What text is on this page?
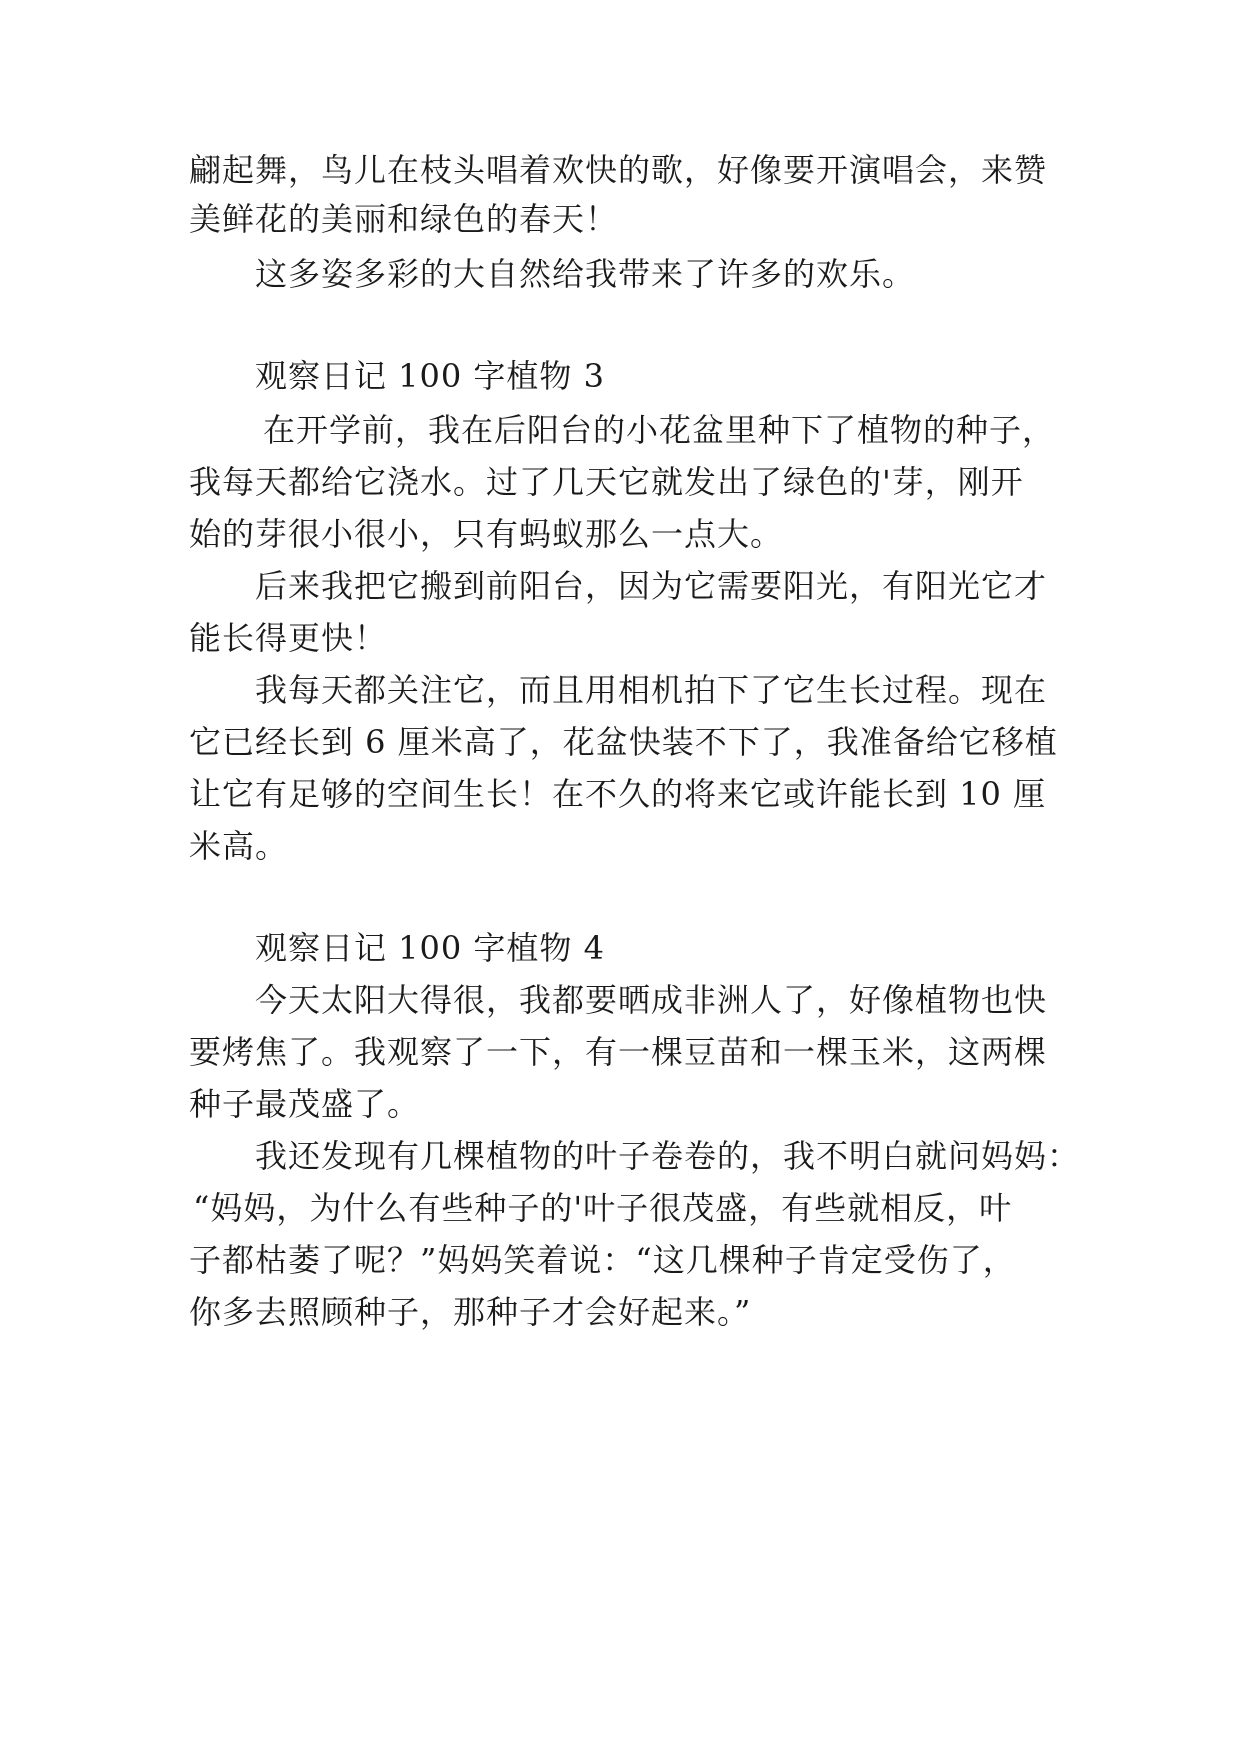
翩起舞，鸟儿在枝头唱着欢快的歌，好像要开演唱会，来赞
美鲜花的美丽和绿色的春天！
这多姿多彩的大自然给我带来了许多的欢乐。
观察日记 100 字植物 3
在开学前，我在后阳台的小花盆里种下了植物的种子，
我每天都给它浇水。过了几天它就发出了绿色的'芽，刚开
始的芽很小很小，只有蚂蚁那么一点大。
后来我把它搬到前阳台，因为它需要阳光，有阳光它才
能长得更快！
我每天都关注它，而且用相机拍下了它生长过程。现在
它已经长到 6 厘米高了，花盆快装不下了，我准备给它移植
让它有足够的空间生长！在不久的将来它或许能长到 10 厘
米高。
观察日记 100 字植物 4
今天太阳大得很，我都要晒成非洲人了，好像植物也快
要烤焦了。我观察了一下，有一棵豆苗和一棵玉米，这两棵
种子最茂盛了。
我还发现有几棵植物的叶子卷卷的，我不明白就问妈妈：
“妈妈，为什么有些种子的'叶子很茂盛，有些就相反，叶
子都枯萎了呢？”妈妈笑着说：“这几棵种子肯定受伤了，
你多去照顾种子，那种子才会好起来。”
